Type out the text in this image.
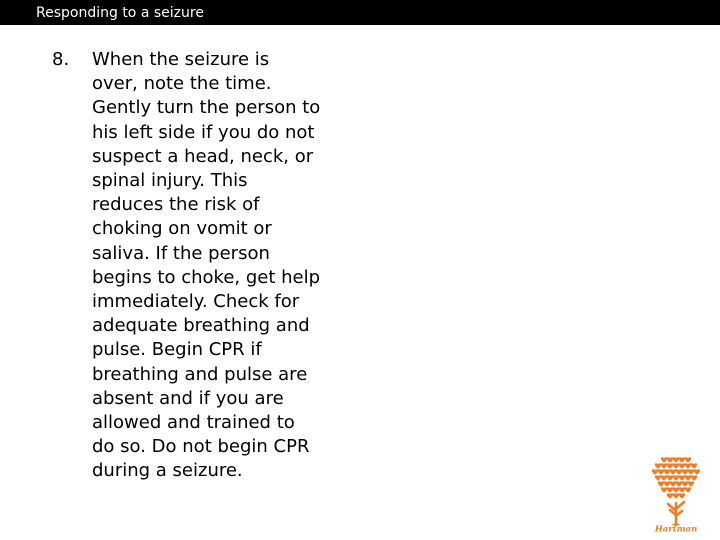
Responding to a seizure
8. When the seizure is
over, note the time.
Gently turn the person to
his left side if you do not
suspect a head, neck, or
spinal injury. This
reduces the risk of
choking on vomit or
saliva. If the person
begins to choke, get help
immediately. Check for
adequate breathing and
pulse. Begin CPR if
breathing and pulse are
absent and if you are
allowed and trained to
do so. Do not begin CPR
during a seizure.
Hartman
